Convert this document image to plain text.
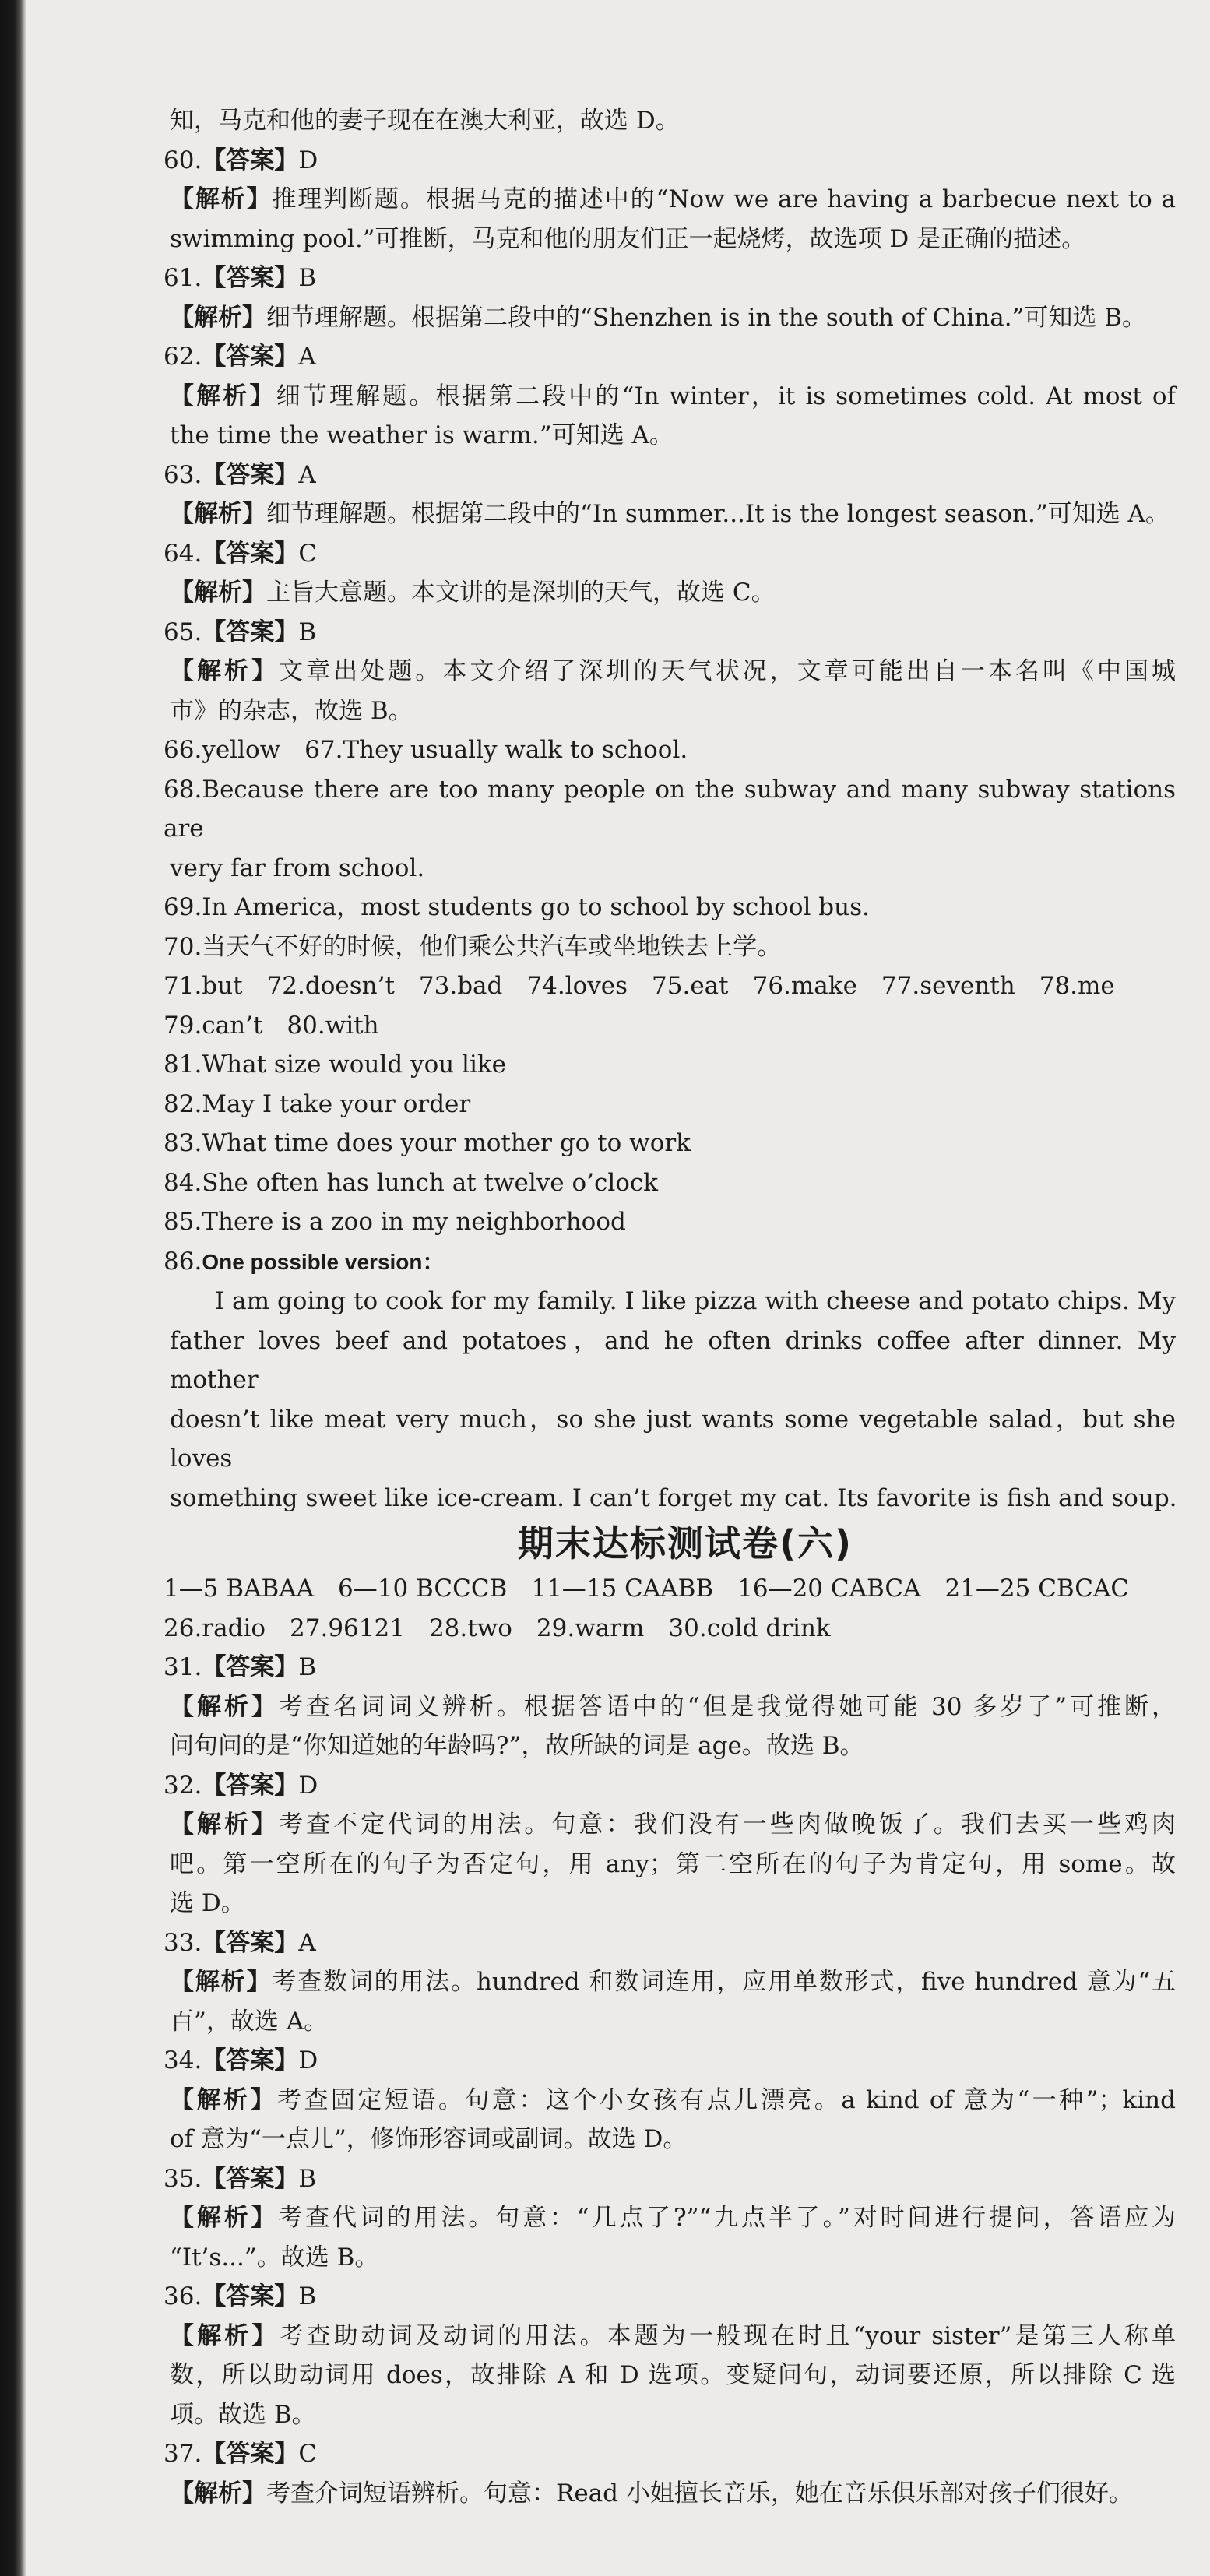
知，马克和他的妻子现在在澳大利亚，故选 D。
60.【答案】D
【解析】推理判断题。根据马克的描述中的“Now we are having a barbecue next to a
swimming pool.”可推断，马克和他的朋友们正一起烧烤，故选项 D 是正确的描述。
61.【答案】B
【解析】细节理解题。根据第二段中的“Shenzhen is in the south of China.”可知选 B。
62.【答案】A
【解析】细节理解题。根据第二段中的“In winter，it is sometimes cold. At most of
the time the weather is warm.”可知选 A。
63.【答案】A
【解析】细节理解题。根据第二段中的“In summer...It is the longest season.”可知选 A。
64.【答案】C
【解析】主旨大意题。本文讲的是深圳的天气，故选 C。
65.【答案】B
【解析】文章出处题。本文介绍了深圳的天气状况，文章可能出自一本名叫《中国城
市》的杂志，故选 B。
66.yellow　67.They usually walk to school.
68.Because there are too many people on the subway and many subway stations are
very far from school.
69.In America，most students go to school by school bus.
70.当天气不好的时候，他们乘公共汽车或坐地铁去上学。
71.but　72.doesn’t　73.bad　74.loves　75.eat　76.make　77.seventh　78.me
79.can’t　80.with
81.What size would you like
82.May I take your order
83.What time does your mother go to work
84.She often has lunch at twelve o’clock
85.There is a zoo in my neighborhood
86.One possible version：
I am going to cook for my family. I like pizza with cheese and potato chips. My
father loves beef and potatoes，and he often drinks coffee after dinner. My mother
doesn’t like meat very much，so she just wants some vegetable salad，but she loves
something sweet like ice-cream. I can’t forget my cat. Its favorite is fish and soup.
期末达标测试卷(六)
1—5 BABAA　6—10 BCCCB　11—15 CAABB　16—20 CABCA　21—25 CBCAC
26.radio　27.96121　28.two　29.warm　30.cold drink
31.【答案】B
【解析】考查名词词义辨析。根据答语中的“但是我觉得她可能 30 多岁了”可推断，
问句问的是“你知道她的年龄吗?”，故所缺的词是 age。故选 B。
32.【答案】D
【解析】考查不定代词的用法。句意：我们没有一些肉做晚饭了。我们去买一些鸡肉
吧。第一空所在的句子为否定句，用 any；第二空所在的句子为肯定句，用 some。故
选 D。
33.【答案】A
【解析】考查数词的用法。hundred 和数词连用，应用单数形式，five hundred 意为“五
百”，故选 A。
34.【答案】D
【解析】考查固定短语。句意：这个小女孩有点儿漂亮。a kind of 意为“一种”；kind
of 意为“一点儿”，修饰形容词或副词。故选 D。
35.【答案】B
【解析】考查代词的用法。句意：“几点了?”“九点半了。”对时间进行提问，答语应为
“It’s...”。故选 B。
36.【答案】B
【解析】考查助动词及动词的用法。本题为一般现在时且“your sister”是第三人称单
数，所以助动词用 does，故排除 A 和 D 选项。变疑问句，动词要还原，所以排除 C 选
项。故选 B。
37.【答案】C
【解析】考查介词短语辨析。句意：Read 小姐擅长音乐，她在音乐俱乐部对孩子们很好。
